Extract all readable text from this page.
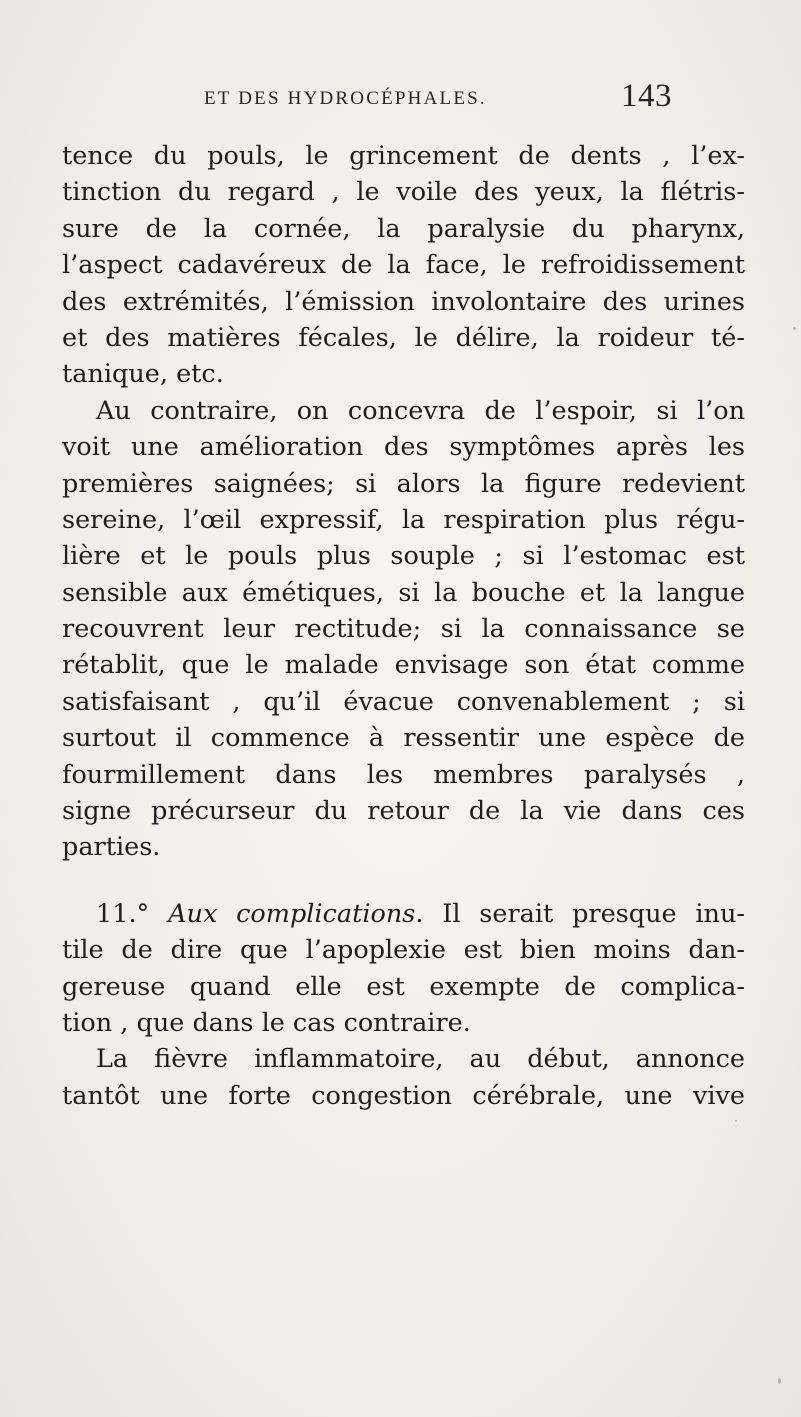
ET DES HYDROCÉPHALES.	143
tence du pouls, le grincement de dents , l’ex-
tinction du regard , le voile des yeux, la flétris-
sure de la cornée, la paralysie du pharynx,
l’aspect cadavéreux de la face, le refroidissement
des extrémités, l’émission involontaire des urines
et des matières fécales, le délire, la roideur té-
tanique, etc.
Au contraire, on concevra de l’espoir, si l’on
voit une amélioration des symptômes après les
premières saignées; si alors la figure redevient
sereine, l’œil expressif, la respiration plus régu-
lière et le pouls plus souple ; si l’estomac est
sensible aux émétiques, si la bouche et la langue
recouvrent leur rectitude; si la connaissance se
rétablit, que le malade envisage son état comme
satisfaisant , qu’il évacue convenablement ; si
surtout il commence à ressentir une espèce de
fourmillement dans les membres paralysés ,
signe précurseur du retour de la vie dans ces
parties.
11.° Aux complications. Il serait presque inu-
tile de dire que l’apoplexie est bien moins dan-
gereuse quand elle est exempte de complica-
tion , que dans le cas contraire.
La fièvre inflammatoire, au début, annonce
tantôt une forte congestion cérébrale, une vive
